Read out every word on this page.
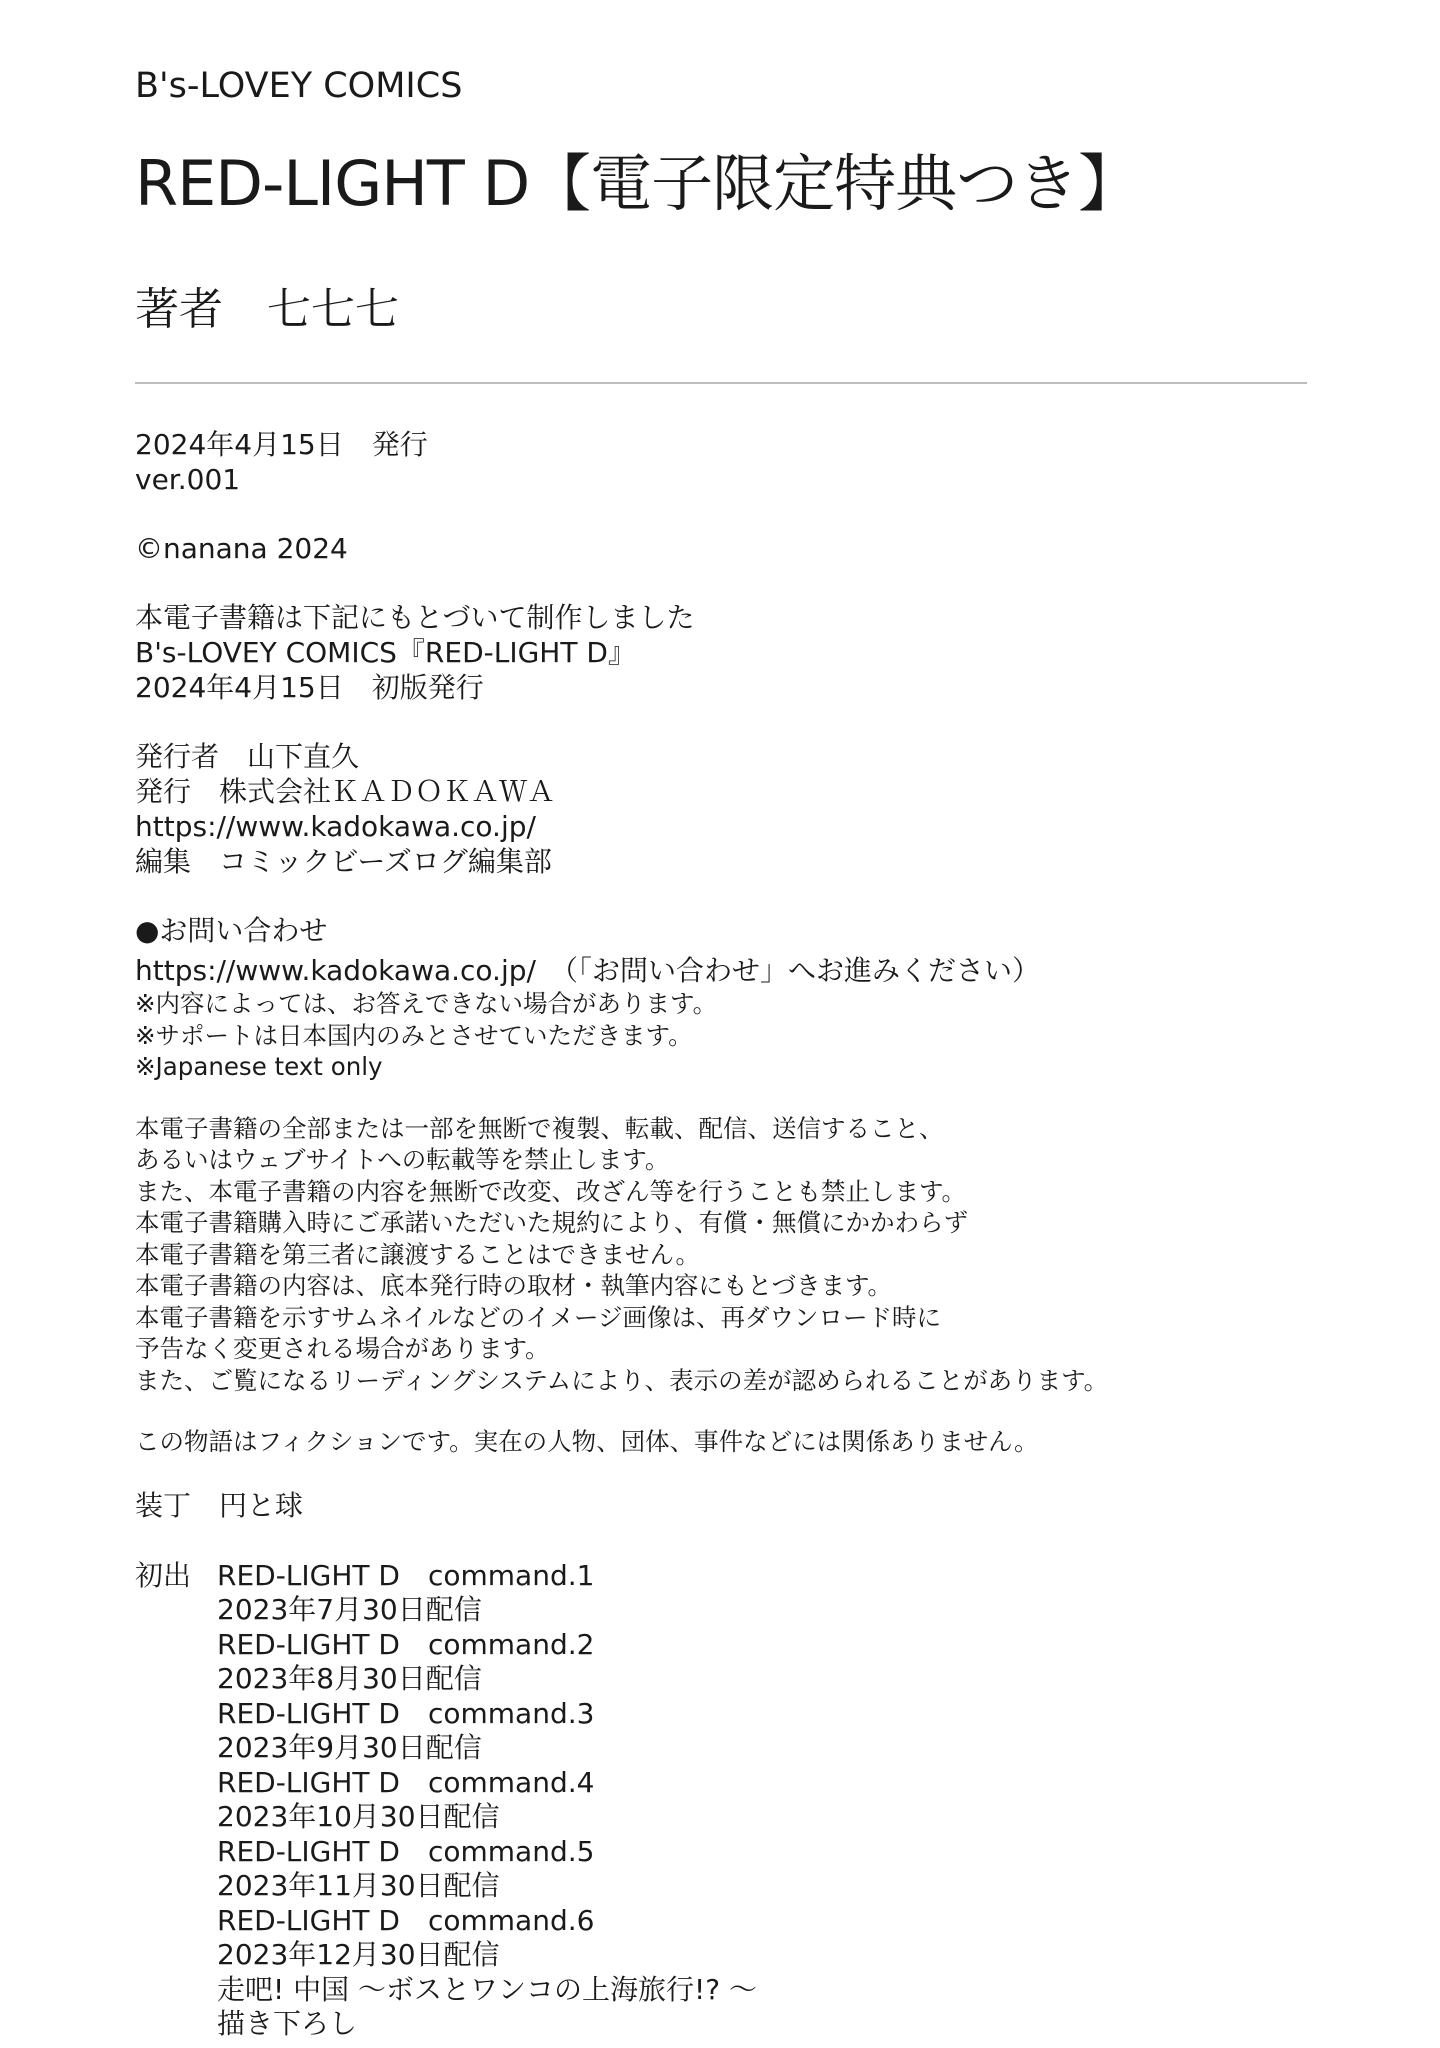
B's-LOVEY COMICS
RED-LIGHT D【電子限定特典つき】
著者　七七七
2024年4月15日　発行
ver.001
©nanana 2024
本電子書籍は下記にもとづいて制作しました
B's-LOVEY COMICS『RED-LIGHT D』
2024年4月15日　初版発行
発行者　山下直久
発行　株式会社ＫＡＤＯＫＡＷＡ
https://www.kadokawa.co.jp/
編集　コミックビーズログ編集部
●お問い合わせ
https://www.kadokawa.co.jp/　（「お問い合わせ」へお進みください）
※内容によっては、お答えできない場合があります。
※サポートは日本国内のみとさせていただきます。
※Japanese text only
本電子書籍の全部または一部を無断で複製、転載、配信、送信すること、
あるいはウェブサイトへの転載等を禁止します。
また、本電子書籍の内容を無断で改変、改ざん等を行うことも禁止します。
本電子書籍購入時にご承諾いただいた規約により、有償・無償にかかわらず
本電子書籍を第三者に譲渡することはできません。
本電子書籍の内容は、底本発行時の取材・執筆内容にもとづきます。
本電子書籍を示すサムネイルなどのイメージ画像は、再ダウンロード時に
予告なく変更される場合があります。
また、ご覧になるリーディングシステムにより、表示の差が認められることがあります。
この物語はフィクションです。実在の人物、団体、事件などには関係ありません。
装丁　円と球
初出 RED-LIGHT D　command.1
2023年7月30日配信
RED-LIGHT D　command.2
2023年8月30日配信
RED-LIGHT D　command.3
2023年9月30日配信
RED-LIGHT D　command.4
2023年10月30日配信
RED-LIGHT D　command.5
2023年11月30日配信
RED-LIGHT D　command.6
2023年12月30日配信
走吧! 中国 ～ボスとワンコの上海旅行!? ～
描き下ろし
